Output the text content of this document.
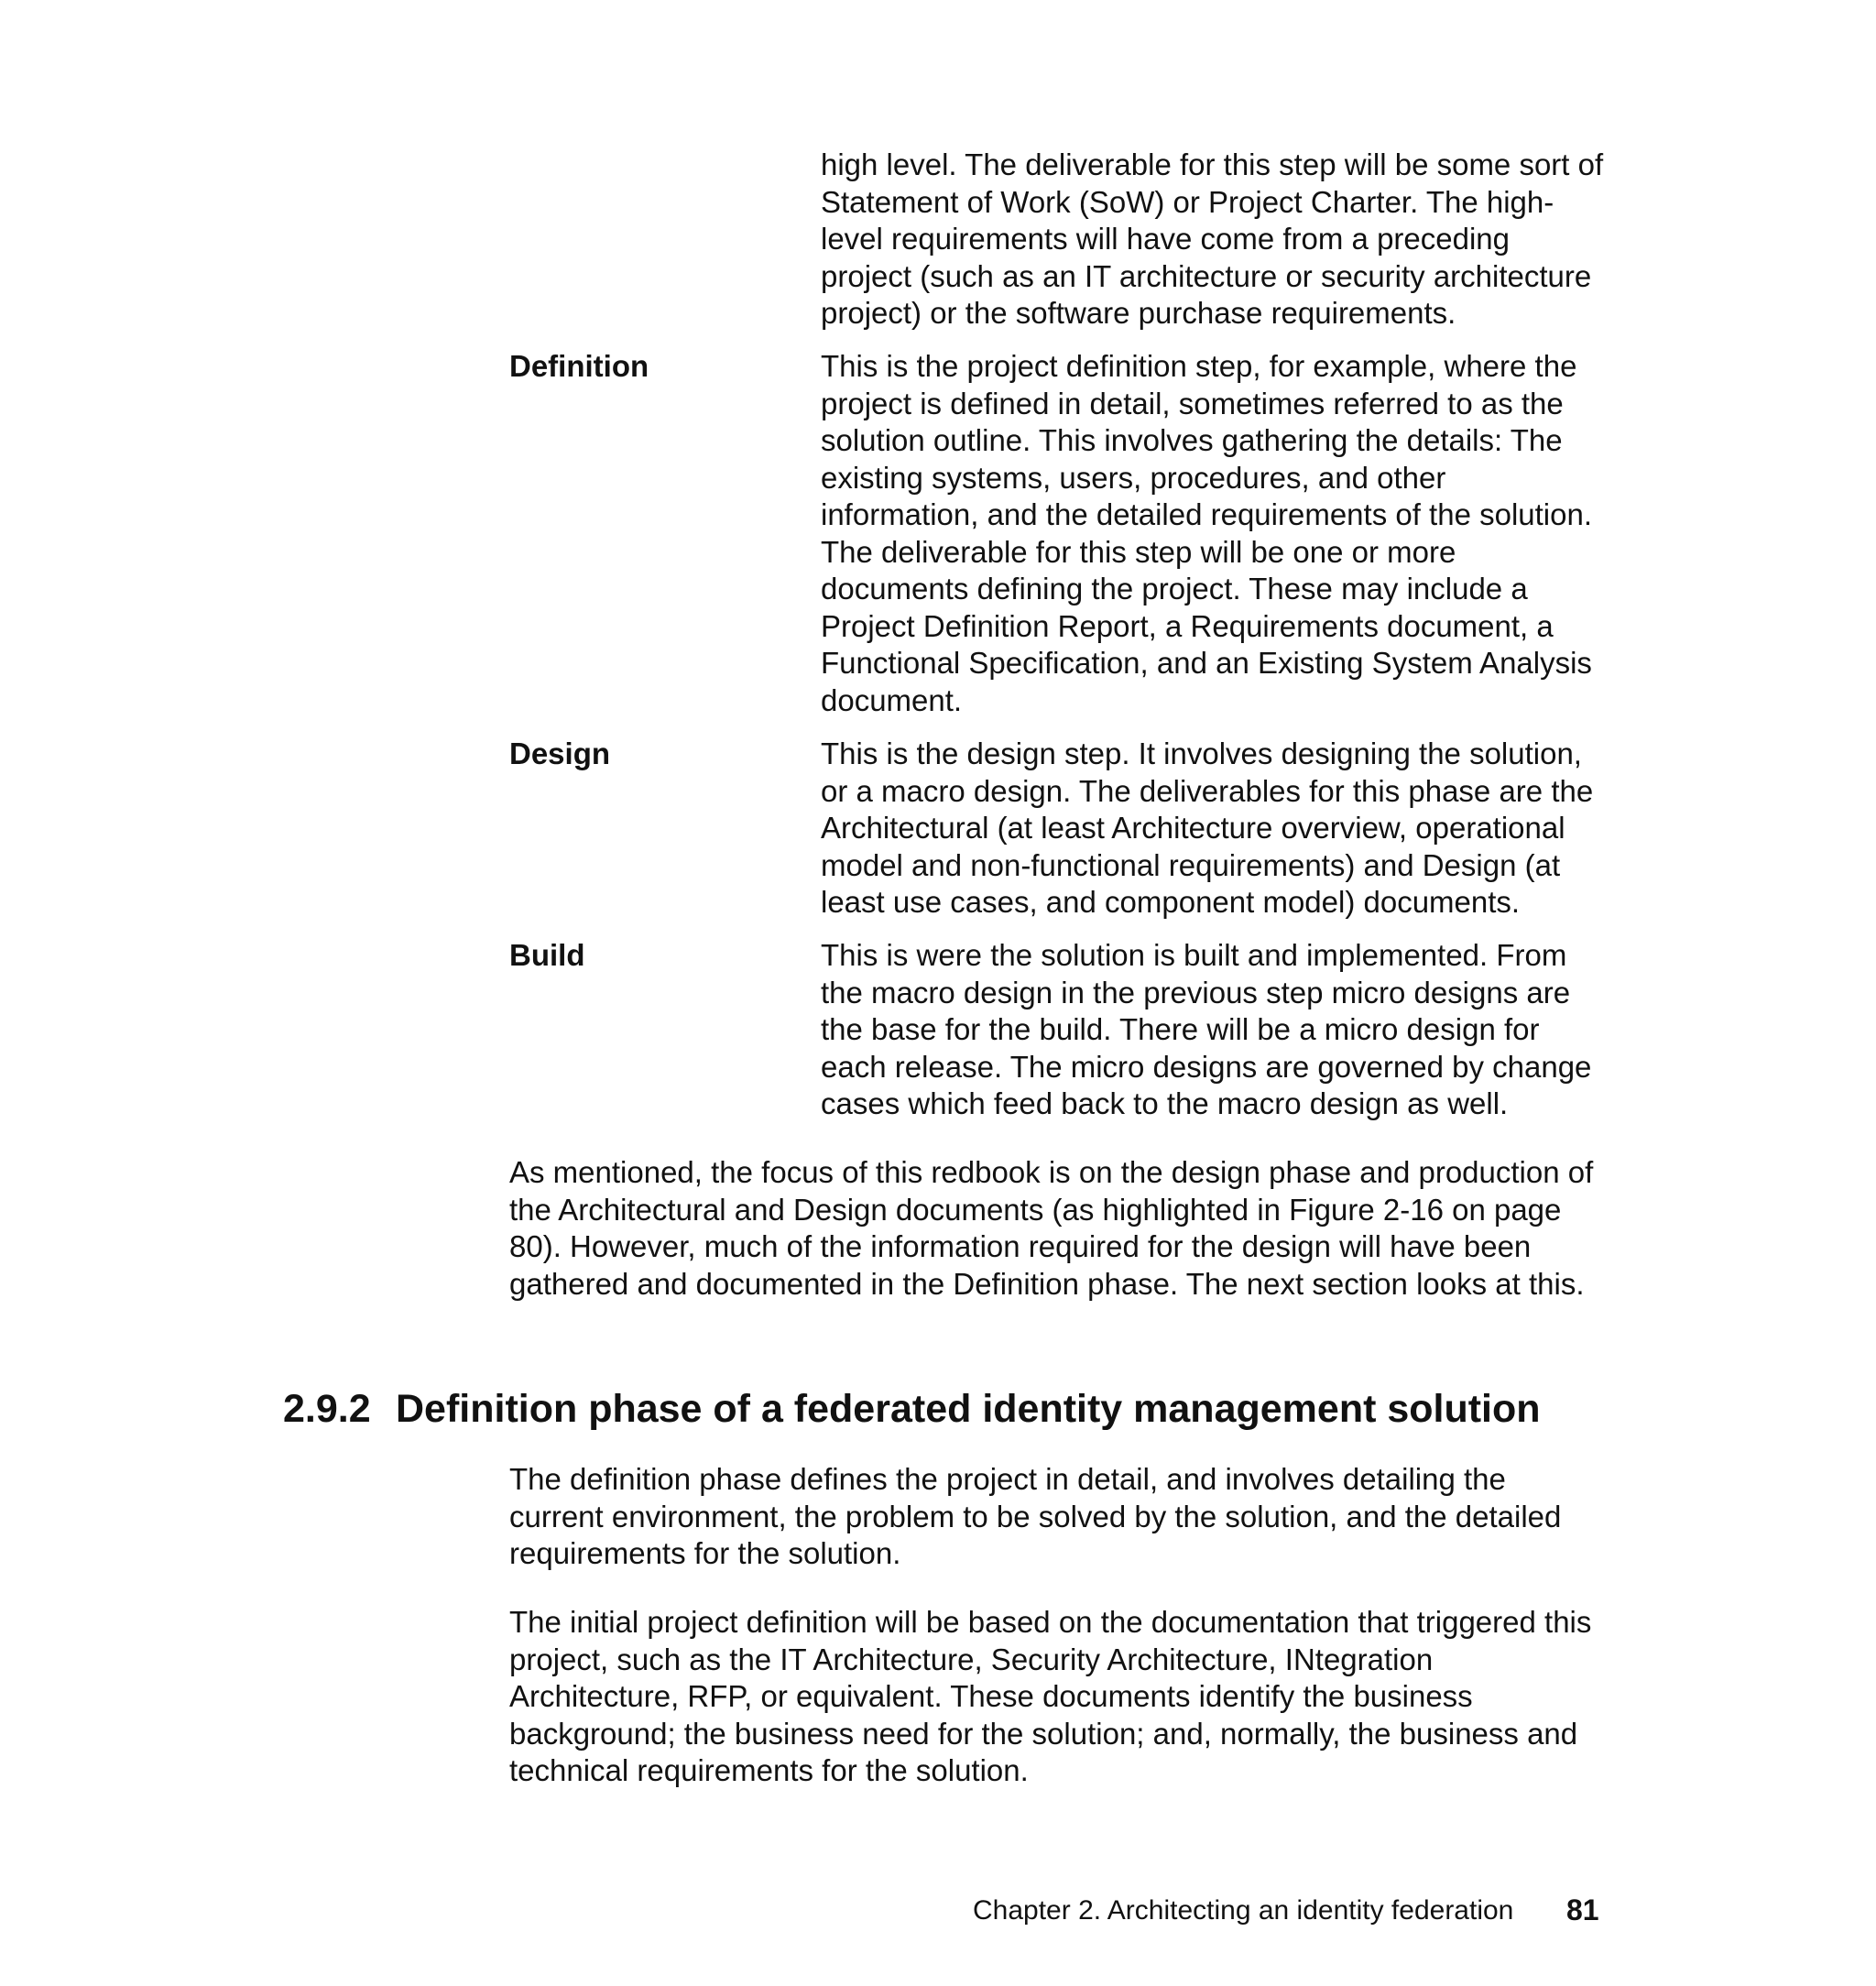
high level. The deliverable for this step will be some sort of Statement of Work (SoW) or Project Charter. The high-level requirements will have come from a preceding project (such as an IT architecture or security architecture project) or the software purchase requirements.

Definition	This is the project definition step, for example, where the project is defined in detail, sometimes referred to as the solution outline. This involves gathering the details: The existing systems, users, procedures, and other information, and the detailed requirements of the solution. The deliverable for this step will be one or more documents defining the project. These may include a Project Definition Report, a Requirements document, a Functional Specification, and an Existing System Analysis document.

Design	This is the design step. It involves designing the solution, or a macro design. The deliverables for this phase are the Architectural (at least Architecture overview, operational model and non-functional requirements) and Design (at least use cases, and component model) documents.

Build	This is were the solution is built and implemented. From the macro design in the previous step micro designs are the base for the build. There will be a micro design for each release. The micro designs are governed by change cases which feed back to the macro design as well.

As mentioned, the focus of this redbook is on the design phase and production of the Architectural and Design documents (as highlighted in Figure 2-16 on page 80). However, much of the information required for the design will have been gathered and documented in the Definition phase. The next section looks at this.

2.9.2 Definition phase of a federated identity management solution

The definition phase defines the project in detail, and involves detailing the current environment, the problem to be solved by the solution, and the detailed requirements for the solution.

The initial project definition will be based on the documentation that triggered this project, such as the IT Architecture, Security Architecture, INtegration Architecture, RFP, or equivalent. These documents identify the business background; the business need for the solution; and, normally, the business and technical requirements for the solution.

Chapter 2. Architecting an identity federation 81
